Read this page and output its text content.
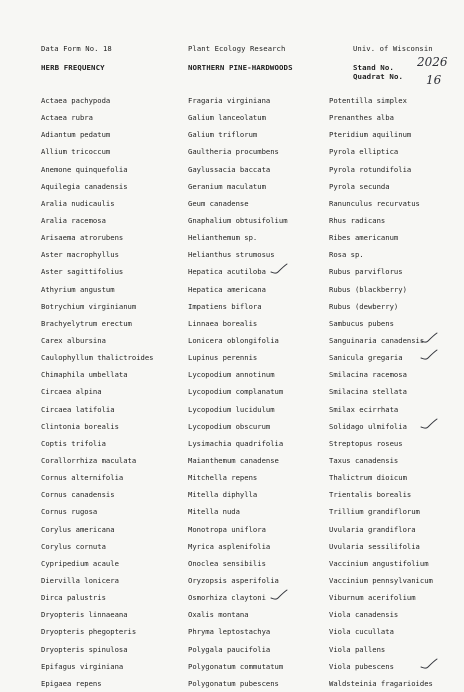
Data Form No. 18	Plant Ecology Research	Univ. of Wisconsin
HERB FREQUENCY	NORTHERN PINE-HARDWOODS	Stand No.
Quadrat No.
2026
16
Actaea pachypoda
Actaea rubra
Adiantum pedatum
Allium tricoccum
Anemone quinquefolia
Aquilegia canadensis
Aralia nudicaulis
Aralia racemosa
Arisaema atrorubens
Aster macrophyllus
Aster sagittifolius
Athyrium angustum
Botrychium virginianum
Brachyelytrum erectum
Carex albursina
Caulophyllum thalictroides
Chimaphila umbellata
Circaea alpina
Circaea latifolia
Clintonia borealis
Coptis trifolia
Corallorrhiza maculata
Cornus alternifolia
Cornus canadensis
Cornus rugosa
Corylus americana
Corylus cornuta
Cypripedium acaule
Diervilla lonicera
Dirca palustris
Dryopteris linnaeana
Dryopteris phegopteris
Dryopteris spinulosa
Epifagus virginiana
Epigaea repens
Fragaria virginiana
Galium lanceolatum
Galium triflorum
Gaultheria procumbens
Gaylussacia baccata
Geranium maculatum
Geum canadense
Gnaphalium obtusifolium
Helianthemum sp.
Helianthus strumosus
Hepatica acutiloba
Hepatica americana
Impatiens biflora
Linnaea borealis
Lonicera oblongifolia
Lupinus perennis
Lycopodium annotinum
Lycopodium complanatum
Lycopodium lucidulum
Lycopodium obscurum
Lysimachia quadrifolia
Maianthemum canadense
Mitchella repens
Mitella diphylla
Mitella nuda
Monotropa uniflora
Myrica asplenifolia
Onoclea sensibilis
Oryzopsis asperifolia
Osmorhiza claytoni
Oxalis montana
Phryma leptostachya
Polygala paucifolia
Polygonatum commutatum
Polygonatum pubescens
Potentilla simplex
Prenanthes alba
Pteridium aquilinum
Pyrola elliptica
Pyrola rotundifolia
Pyrola secunda
Ranunculus recurvatus
Rhus radicans
Ribes americanum
Rosa sp.
Rubus parviflorus
Rubus (blackberry)
Rubus (dewberry)
Sambucus pubens
Sanguinaria canadensis
Sanicula gregaria
Smilacina racemosa
Smilacina stellata
Smilax ecirrhata
Solidago ulmifolia
Streptopus roseus
Taxus canadensis
Thalictrum dioicum
Trientalis borealis
Trillium grandiflorum
Uvularia grandiflora
Uvularia sessilifolia
Vaccinium angustifolium
Vaccinium pennsylvanicum
Viburnum acerifolium
Viola canadensis
Viola cucullata
Viola pallens
Viola pubescens
Waldsteinia fragarioides
